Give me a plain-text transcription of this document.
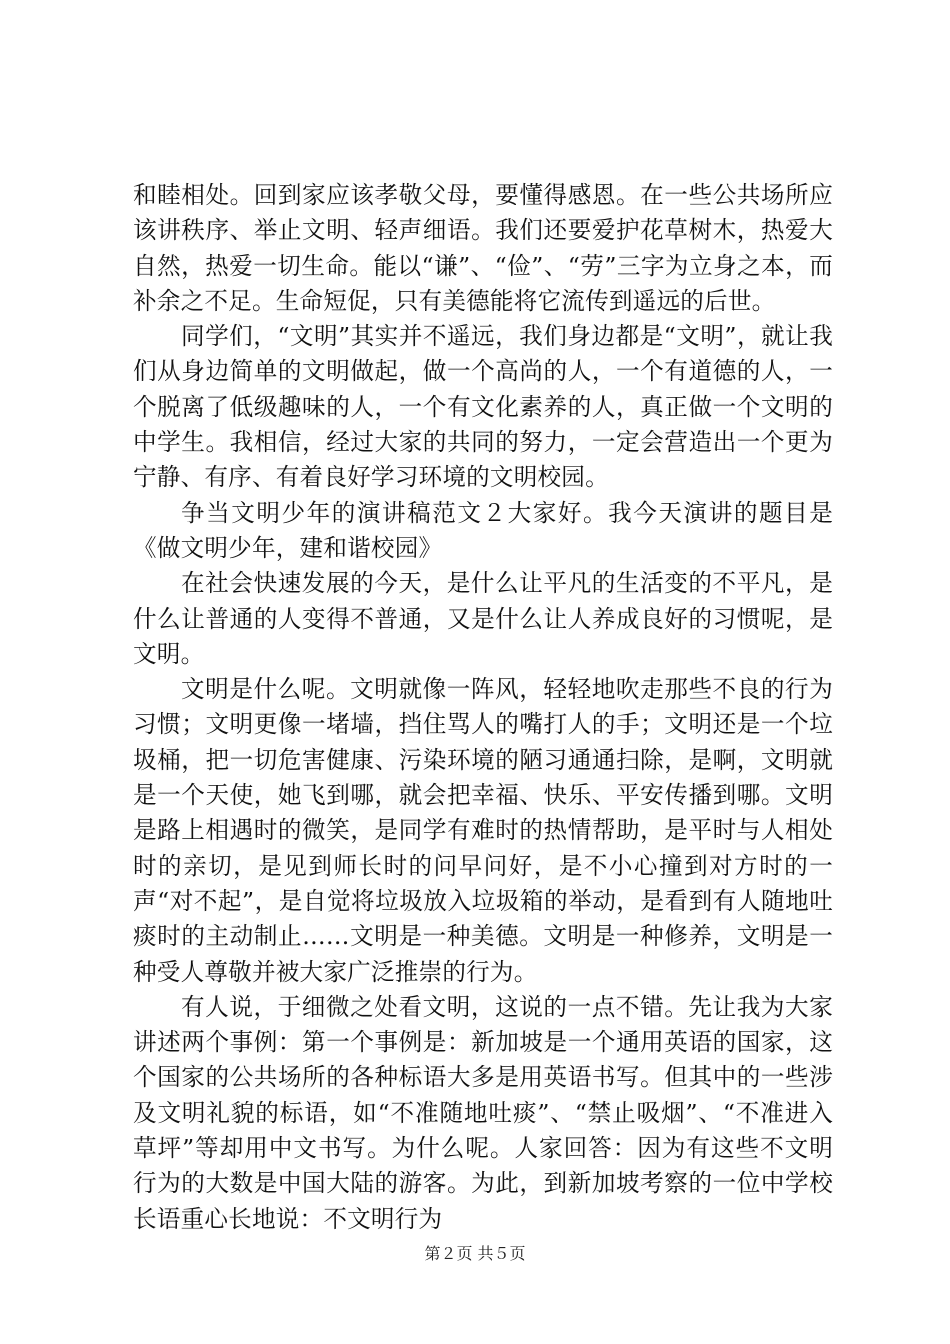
和睦相处。回到家应该孝敬父母，要懂得感恩。在一些公共场所应该讲秩序、举止文明、轻声细语。我们还要爱护花草树木，热爱大自然，热爱一切生命。能以“谦”、“俭”、“劳”三字为立身之本，而补余之不足。生命短促，只有美德能将它流传到遥远的后世。

同学们，“文明”其实并不遥远，我们身边都是“文明”，就让我们从身边简单的文明做起，做一个高尚的人，一个有道德的人，一个脱离了低级趣味的人，一个有文化素养的人，真正做一个文明的中学生。我相信，经过大家的共同的努力，一定会营造出一个更为宁静、有序、有着良好学习环境的文明校园。

争当文明少年的演讲稿范文２大家好。我今天演讲的题目是《做文明少年，建和谐校园》

在社会快速发展的今天，是什么让平凡的生活变的不平凡，是什么让普通的人变得不普通，又是什么让人养成良好的习惯呢，是文明。

文明是什么呢。文明就像一阵风，轻轻地吹走那些不良的行为习惯；文明更像一堵墙，挡住骂人的嘴打人的手；文明还是一个垃圾桶，把一切危害健康、污染环境的陋习通通扫除，是啊，文明就是一个天使，她飞到哪，就会把幸福、快乐、平安传播到哪。文明是路上相遇时的微笑，是同学有难时的热情帮助，是平时与人相处时的亲切，是见到师长时的问早问好，是不小心撞到对方时的一声“对不起”，是自觉将垃圾放入垃圾箱的举动，是看到有人随地吐痰时的主动制止……文明是一种美德。文明是一种修养，文明是一种受人尊敬并被大家广泛推崇的行为。

有人说，于细微之处看文明，这说的一点不错。先让我为大家讲述两个事例：第一个事例是：新加坡是一个通用英语的国家，这个国家的公共场所的各种标语大多是用英语书写。但其中的一些涉及文明礼貌的标语，如“不准随地吐痰”、“禁止吸烟”、“不准进入草坪”等却用中文书写。为什么呢。人家回答：因为有这些不文明行为的大数是中国大陆的游客。为此，到新加坡考察的一位中学校长语重心长地说：不文明行为

第２页 共５页
